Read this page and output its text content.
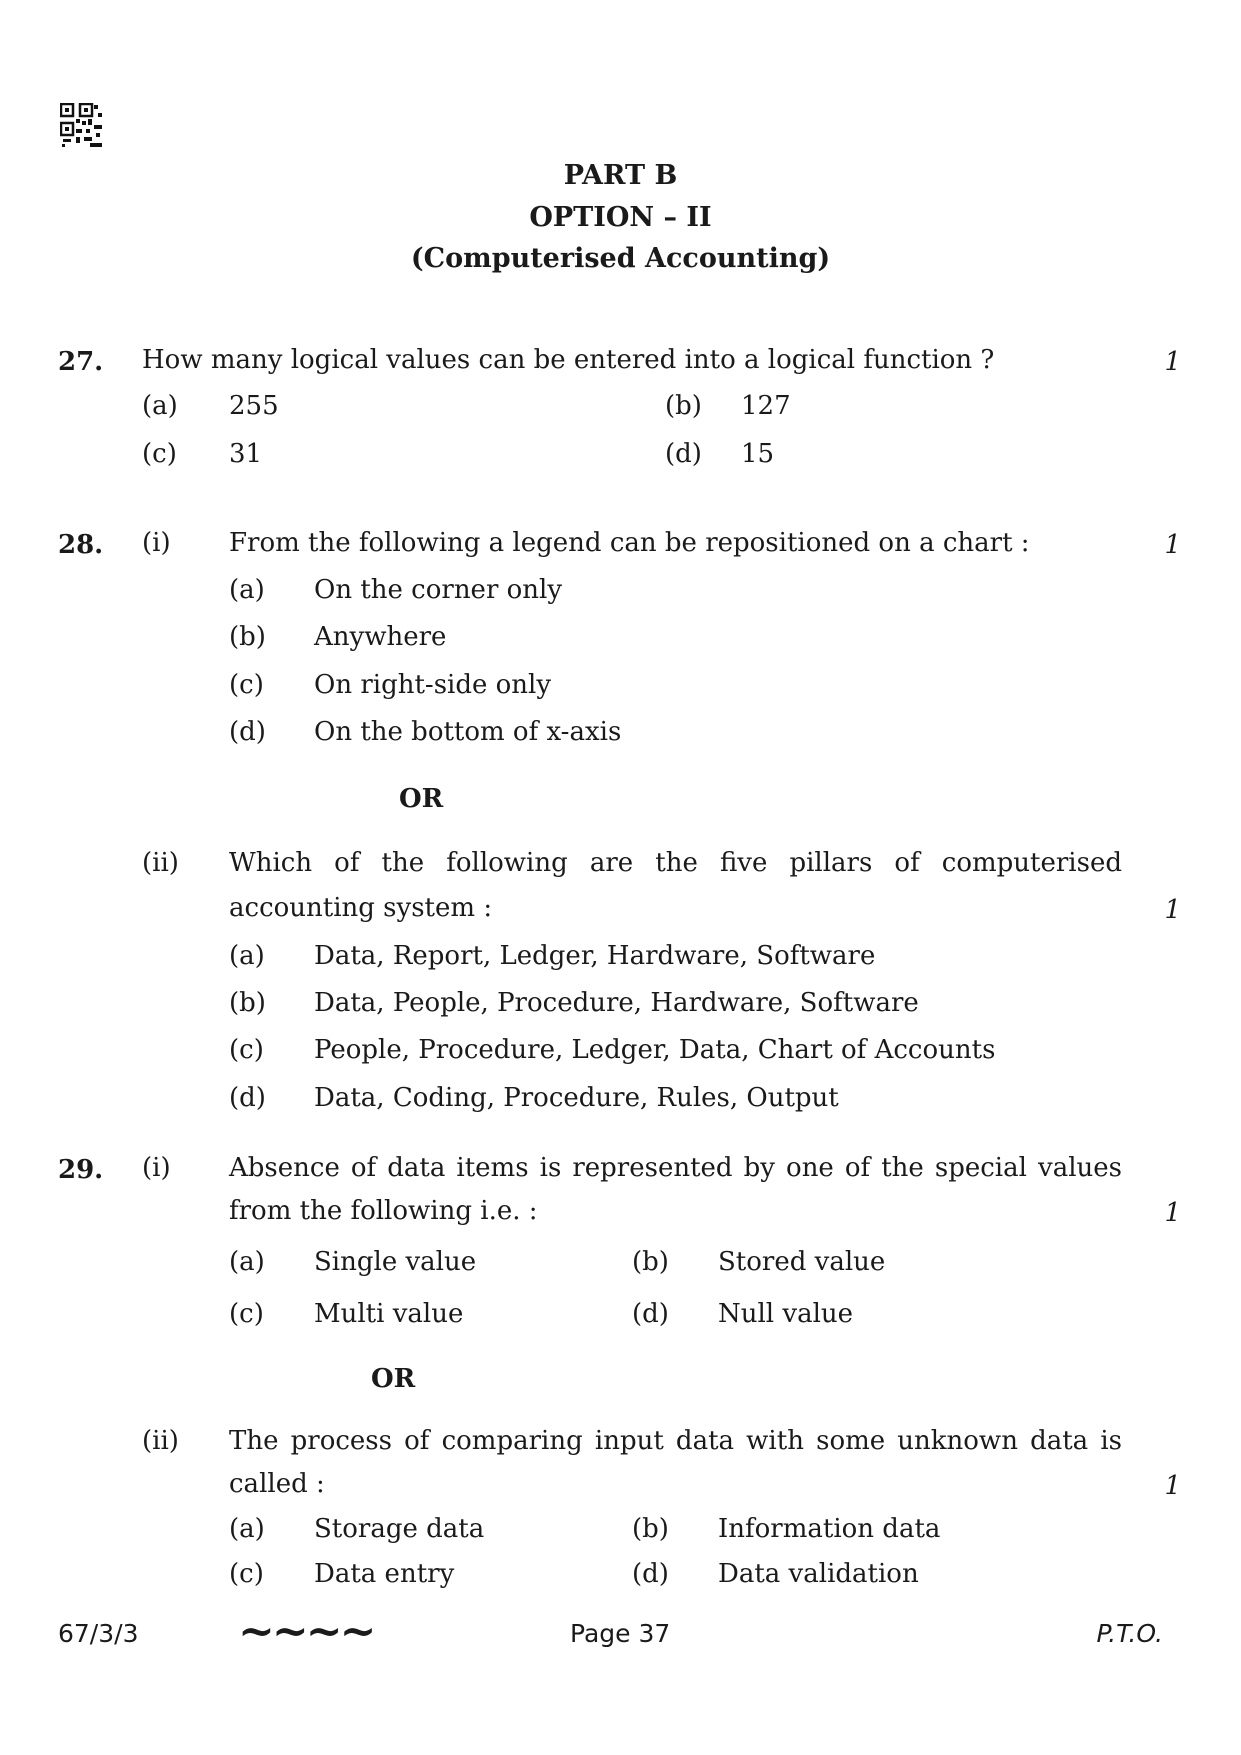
PART B
OPTION – II
(Computerised Accounting)
27. How many logical values can be entered into a logical function ?	1
(a) 255	(b) 127
(c) 31	(d) 15
28. (i) From the following a legend can be repositioned on a chart :	1
(a) On the corner only
(b) Anywhere
(c) On right-side only
(d) On the bottom of x-axis
OR
(ii) Which of the following are the five pillars of computerised
accounting system :	1
(a) Data, Report, Ledger, Hardware, Software
(b) Data, People, Procedure, Hardware, Software
(c) People, Procedure, Ledger, Data, Chart of Accounts
(d) Data, Coding, Procedure, Rules, Output
29. (i) Absence of data items is represented by one of the special values
from the following i.e. :	1
(a) Single value	(b) Stored value
(c) Multi value	(d) Null value
OR
(ii) The process of comparing input data with some unknown data is
called :	1
(a) Storage data	(b) Information data
(c) Data entry	(d) Data validation
67/3/3 ~~~~	Page 37	P.T.O.
